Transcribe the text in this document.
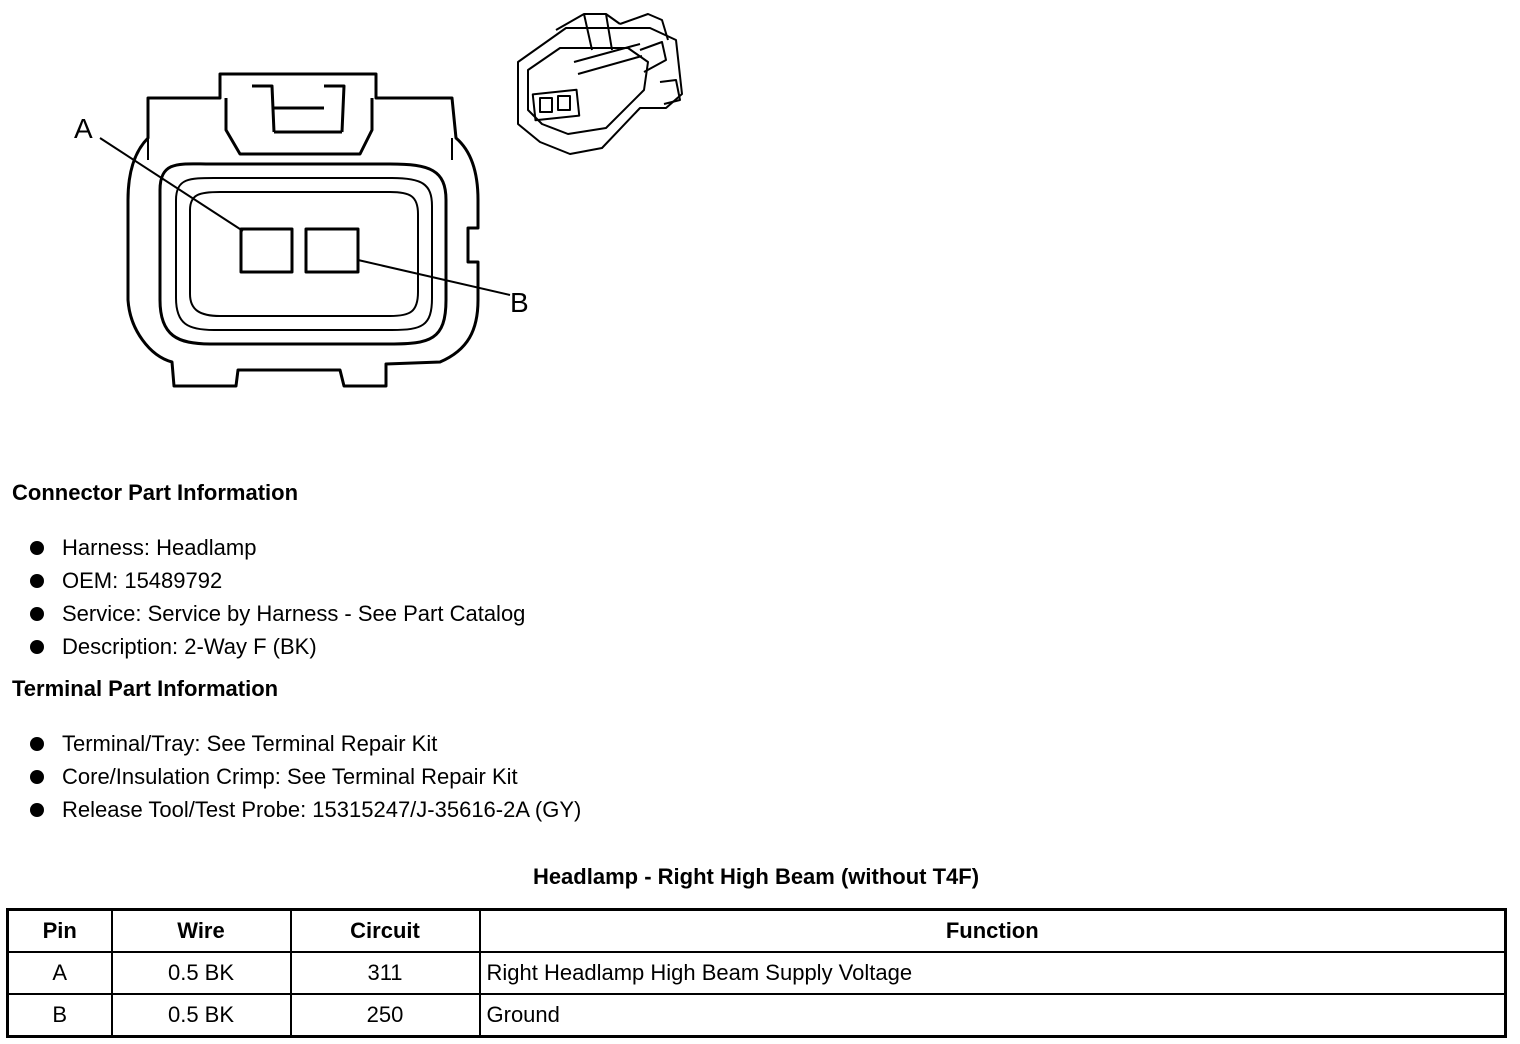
A
B
Connector Part Information
Harness: Headlamp
OEM: 15489792
Service: Service by Harness - See Part Catalog
Description: 2-Way F (BK)
Terminal Part Information
Terminal/Tray: See Terminal Repair Kit
Core/Insulation Crimp: See Terminal Repair Kit
Release Tool/Test Probe: 15315247/J-35616-2A (GY)
Headlamp - Right High Beam (without T4F)
Pin	Wire	Circuit	Function
A	0.5 BK	311	Right Headlamp High Beam Supply Voltage
B	0.5 BK	250	Ground
